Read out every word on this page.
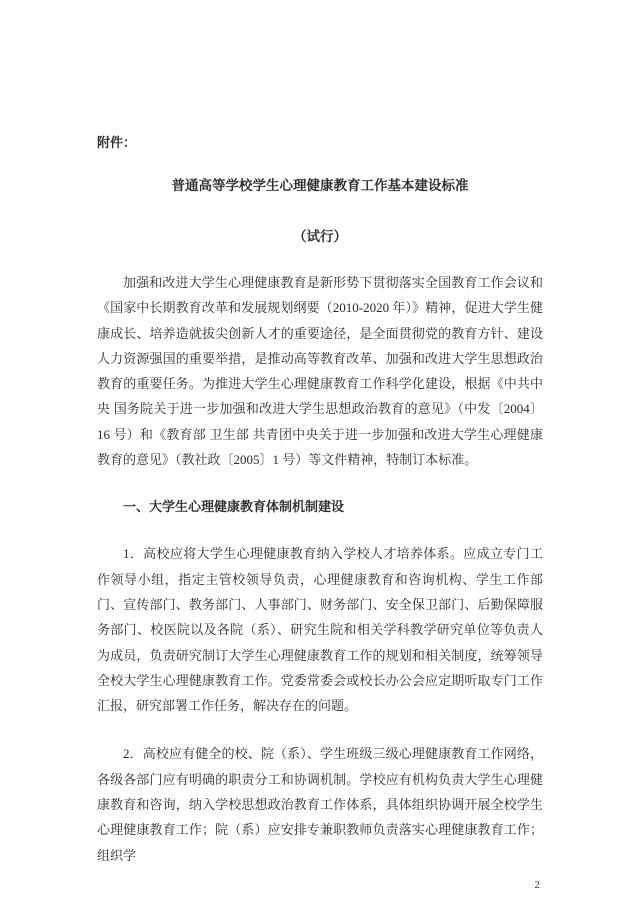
附件：
普通高等学校学生心理健康教育工作基本建设标准
（试行）

加强和改进大学生心理健康教育是新形势下贯彻落实全国教育工作会议和《国家中长期教育改革和发展规划纲要（2010-2020 年）》精神，促进大学生健康成长、培养造就拔尖创新人才的重要途径，是全面贯彻党的教育方针、建设人力资源强国的重要举措，是推动高等教育改革、加强和改进大学生思想政治教育的重要任务。为推进大学生心理健康教育工作科学化建设，根据《中共中央 国务院关于进一步加强和改进大学生思想政治教育的意见》（中发〔2004〕16 号）和《教育部 卫生部 共青团中央关于进一步加强和改进大学生心理健康教育的意见》（教社政〔2005〕1 号）等文件精神，特制订本标准。

一、大学生心理健康教育体制机制建设

1．高校应将大学生心理健康教育纳入学校人才培养体系。应成立专门工作领导小组，指定主管校领导负责，心理健康教育和咨询机构、学生工作部门、宣传部门、教务部门、人事部门、财务部门、安全保卫部门、后勤保障服务部门、校医院以及各院（系）、研究生院和相关学科教学研究单位等负责人为成员，负责研究制订大学生心理健康教育工作的规划和相关制度，统筹领导全校大学生心理健康教育工作。党委常委会或校长办公会应定期听取专门工作汇报，研究部署工作任务，解决存在的问题。

2．高校应有健全的校、院（系）、学生班级三级心理健康教育工作网络，各级各部门应有明确的职责分工和协调机制。学校应有机构负责大学生心理健康教育和咨询，纳入学校思想政治教育工作体系，具体组织协调开展全校学生心理健康教育工作；院（系）应安排专兼职教师负责落实心理健康教育工作；组织学

2
